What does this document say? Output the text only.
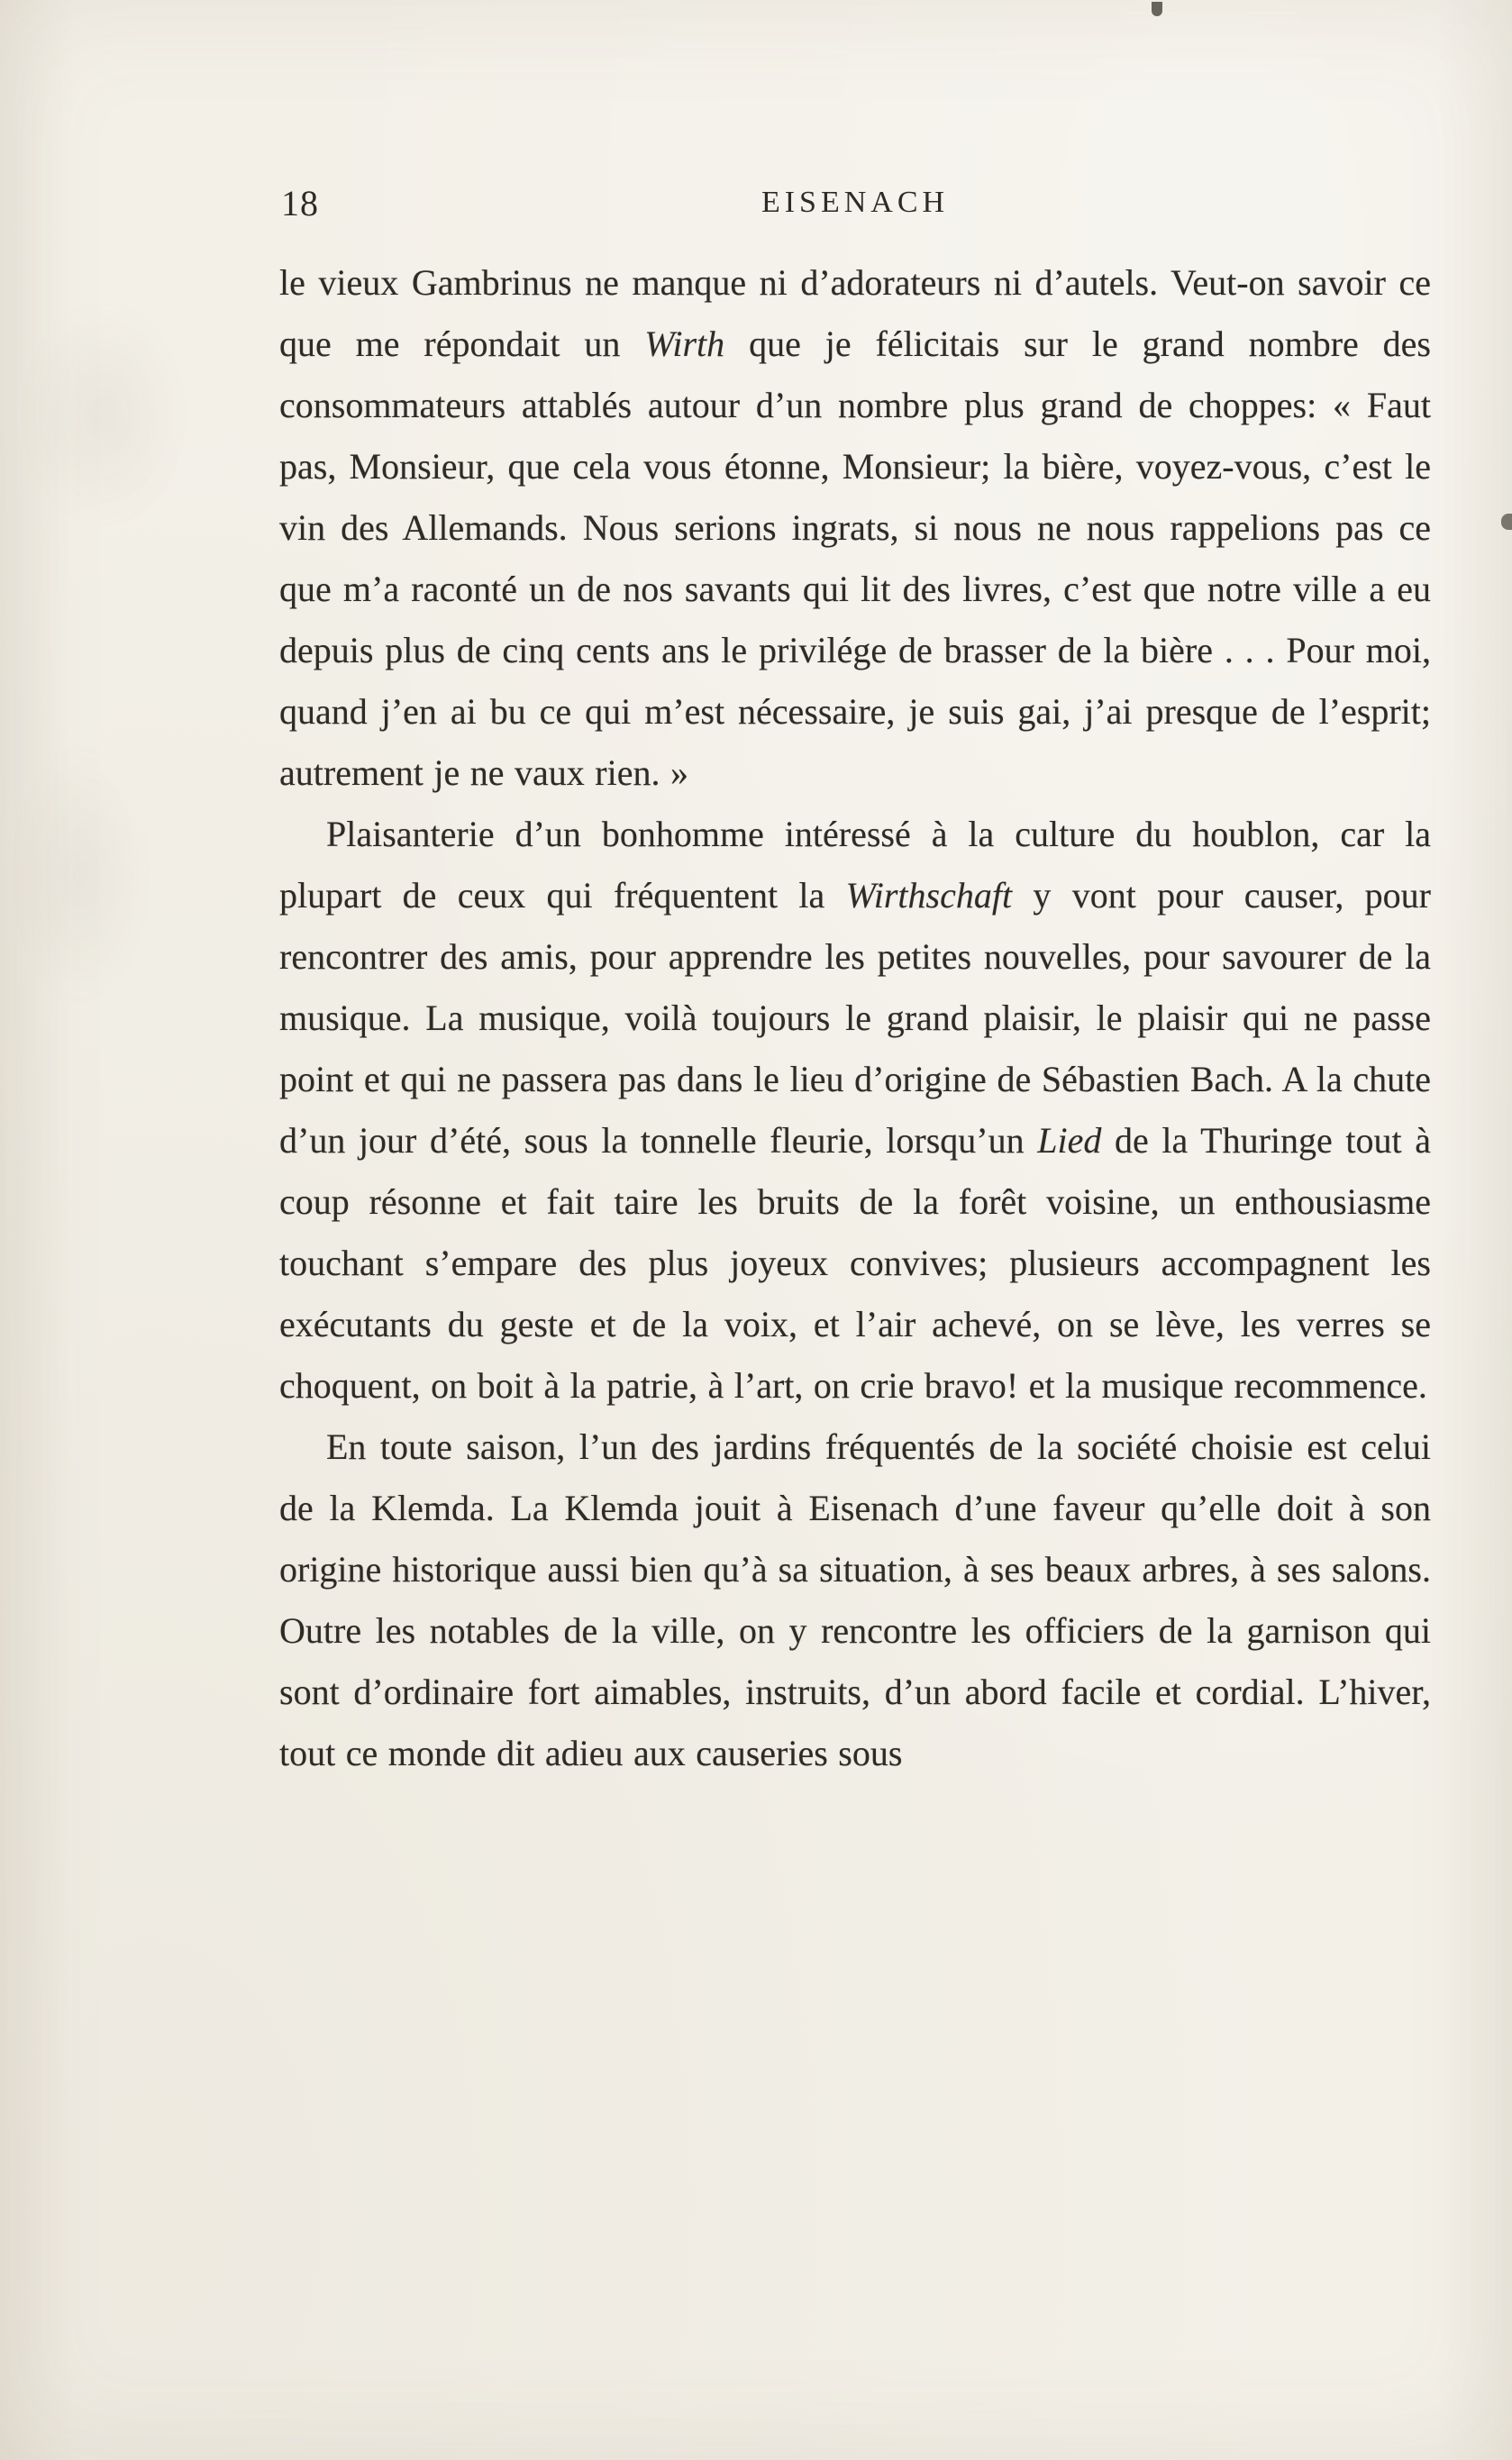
18	EISENACH

le vieux Gambrinus ne manque ni d’adorateurs ni d’autels. Veut-on savoir ce que me répondait un Wirth que je félicitais sur le grand nombre des consommateurs attablés autour d’un nombre plus grand de choppes: « Faut pas, Monsieur, que cela vous étonne, Monsieur; la bière, voyez-vous, c’est le vin des Allemands. Nous serions ingrats, si nous ne nous rappelions pas ce que m’a raconté un de nos savants qui lit des livres, c’est que notre ville a eu depuis plus de cinq cents ans le privilége de brasser de la bière . . . Pour moi, quand j’en ai bu ce qui m’est nécessaire, je suis gai, j’ai presque de l’esprit; autrement je ne vaux rien. »

Plaisanterie d’un bonhomme intéressé à la culture du houblon, car la plupart de ceux qui fréquentent la Wirthschaft y vont pour causer, pour rencontrer des amis, pour apprendre les petites nouvelles, pour savourer de la musique. La musique, voilà toujours le grand plaisir, le plaisir qui ne passe point et qui ne passera pas dans le lieu d’origine de Sébastien Bach. A la chute d’un jour d’été, sous la tonnelle fleurie, lorsqu’un Lied de la Thuringe tout à coup résonne et fait taire les bruits de la forêt voisine, un enthousiasme touchant s’empare des plus joyeux convives; plusieurs accompagnent les exécutants du geste et de la voix, et l’air achevé, on se lève, les verres se choquent, on boit à la patrie, à l’art, on crie bravo! et la musique recommence.

En toute saison, l’un des jardins fréquentés de la société choisie est celui de la Klemda. La Klemda jouit à Eisenach d’une faveur qu’elle doit à son origine historique aussi bien qu’à sa situation, à ses beaux arbres, à ses salons. Outre les notables de la ville, on y rencontre les officiers de la garnison qui sont d’ordinaire fort aimables, instruits, d’un abord facile et cordial. L’hiver, tout ce monde dit adieu aux causeries sous
